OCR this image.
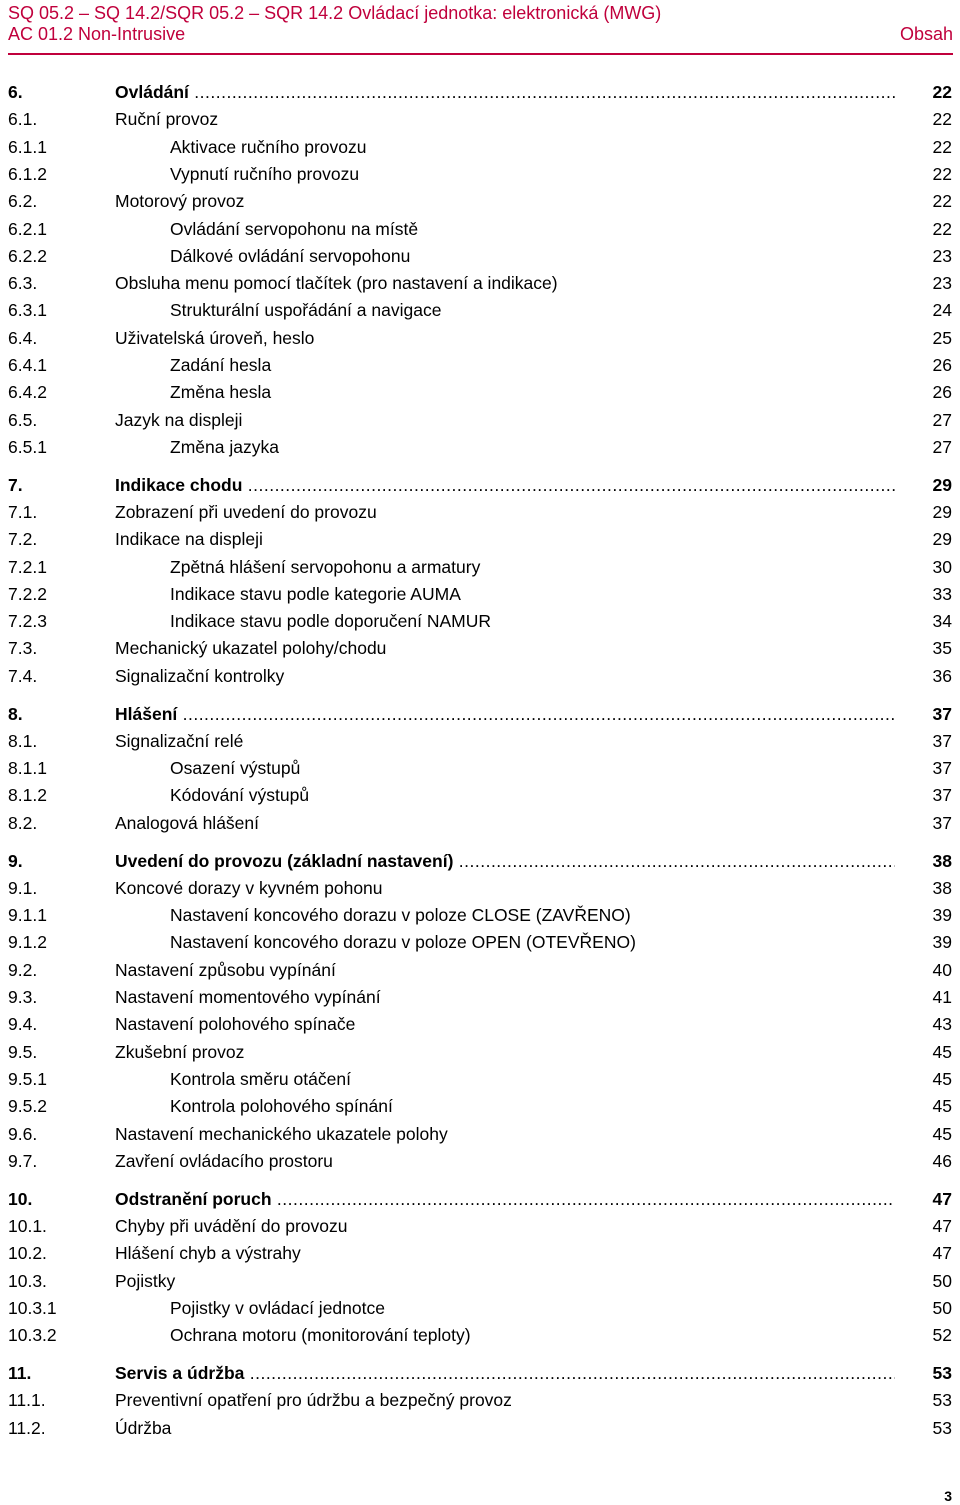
SQ 05.2 – SQ 14.2/SQR 05.2 – SQR 14.2 Ovládací jednotka: elektronická (MWG)
AC 01.2 Non-Intrusive	Obsah
6.	Ovládání .....	22
6.1.	Ruční provoz	22
6.1.1	Aktivace ručního provozu	22
6.1.2	Vypnutí ručního provozu	22
6.2.	Motorový provoz	22
6.2.1	Ovládání servopohonu na místě	22
6.2.2	Dálkové ovládání servopohonu	23
6.3.	Obsluha menu pomocí tlačítek (pro nastavení a indikace)	23
6.3.1	Strukturální uspořádání a navigace	24
6.4.	Uživatelská úroveň, heslo	25
6.4.1	Zadání hesla	26
6.4.2	Změna hesla	26
6.5.	Jazyk na displeji	27
6.5.1	Změna jazyka	27
7.	Indikace chodu .....	29
7.1.	Zobrazení při uvedení do provozu	29
7.2.	Indikace na displeji	29
7.2.1	Zpětná hlášení servopohonu a armatury	30
7.2.2	Indikace stavu podle kategorie AUMA	33
7.2.3	Indikace stavu podle doporučení NAMUR	34
7.3.	Mechanický ukazatel polohy/chodu	35
7.4.	Signalizační kontrolky	36
8.	Hlášení .....	37
8.1.	Signalizační relé	37
8.1.1	Osazení výstupů	37
8.1.2	Kódování výstupů	37
8.2.	Analogová hlášení	37
9.	Uvedení do provozu (základní nastavení) .....	38
9.1.	Koncové dorazy v kyvném pohonu	38
9.1.1	Nastavení koncového dorazu v poloze CLOSE (ZAVŘENO)	39
9.1.2	Nastavení koncového dorazu v poloze OPEN (OTEVŘENO)	39
9.2.	Nastavení způsobu vypínání	40
9.3.	Nastavení momentového vypínání	41
9.4.	Nastavení polohového spínače	43
9.5.	Zkušební provoz	45
9.5.1	Kontrola směru otáčení	45
9.5.2	Kontrola polohového spínání	45
9.6.	Nastavení mechanického ukazatele polohy	45
9.7.	Zavření ovládacího prostoru	46
10.	Odstranění poruch .....	47
10.1.	Chyby při uvádění do provozu	47
10.2.	Hlášení chyb a výstrahy	47
10.3.	Pojistky	50
10.3.1	Pojistky v ovládací jednotce	50
10.3.2	Ochrana motoru (monitorování teploty)	52
11.	Servis a údržba .....	53
11.1.	Preventivní opatření pro údržbu a bezpečný provoz	53
11.2.	Údržba	53
3
